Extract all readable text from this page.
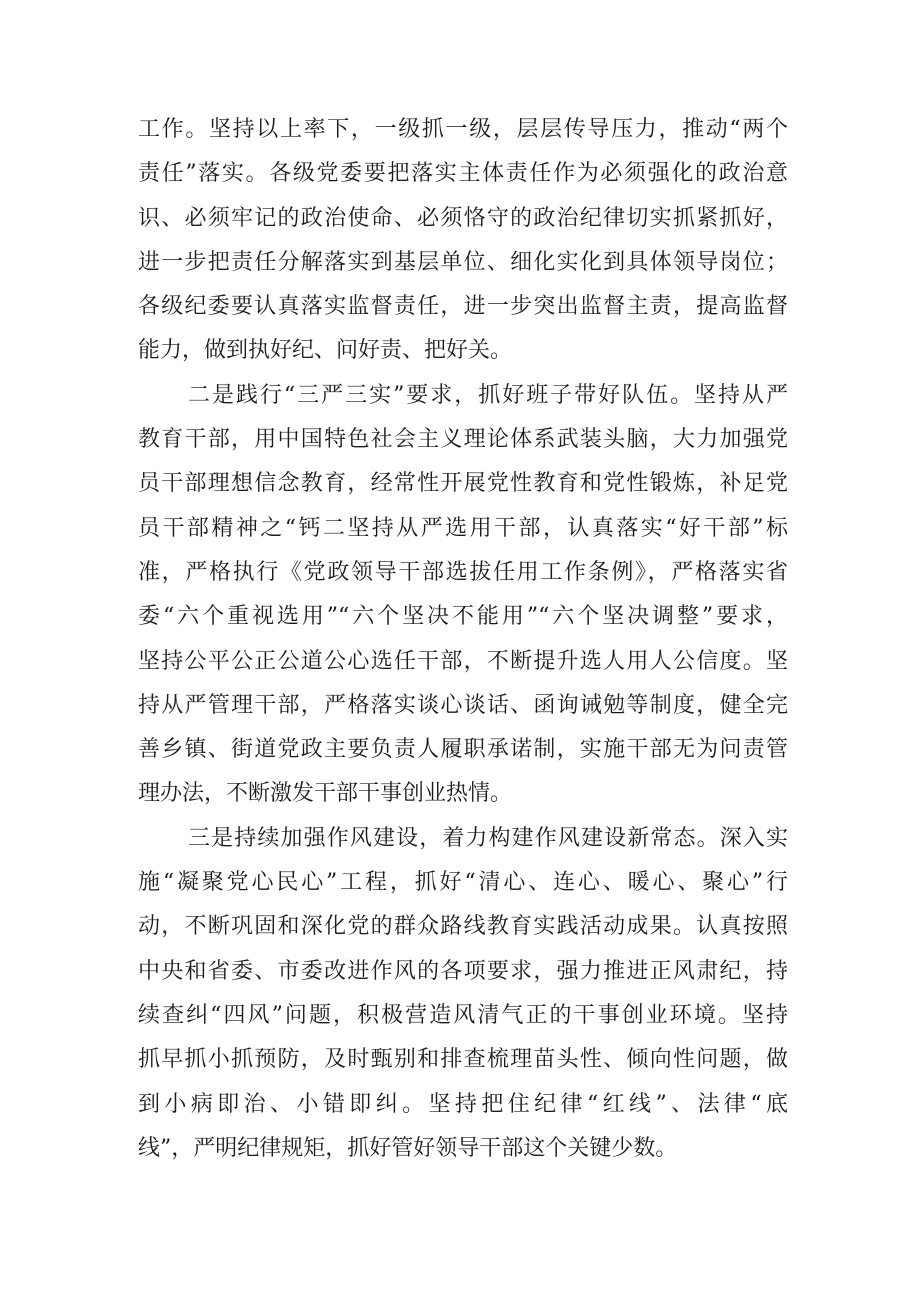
工作。坚持以上率下，一级抓一级，层层传导压力，推动“两个
责任”落实。各级党委要把落实主体责任作为必须强化的政治意
识、必须牢记的政治使命、必须恪守的政治纪律切实抓紧抓好，
进一步把责任分解落实到基层单位、细化实化到具体领导岗位；
各级纪委要认真落实监督责任，进一步突出监督主责，提高监督
能力，做到执好纪、问好责、把好关。
二是践行“三严三实”要求，抓好班子带好队伍。坚持从严
教育干部，用中国特色社会主义理论体系武装头脑，大力加强党
员干部理想信念教育，经常性开展党性教育和党性锻炼，补足党
员干部精神之“钙二坚持从严选用干部，认真落实“好干部”标
准，严格执行《党政领导干部选拔任用工作条例》，严格落实省
委“六个重视选用”“六个坚决不能用”“六个坚决调整”要求，
坚持公平公正公道公心选任干部，不断提升选人用人公信度。坚
持从严管理干部，严格落实谈心谈话、函询诫勉等制度，健全完
善乡镇、街道党政主要负责人履职承诺制，实施干部无为问责管
理办法，不断激发干部干事创业热情。
三是持续加强作风建设，着力构建作风建设新常态。深入实
施“凝聚党心民心”工程，抓好“清心、连心、暖心、聚心”行
动，不断巩固和深化党的群众路线教育实践活动成果。认真按照
中央和省委、市委改进作风的各项要求，强力推进正风肃纪，持
续查纠“四风”问题，积极营造风清气正的干事创业环境。坚持
抓早抓小抓预防，及时甄别和排查梳理苗头性、倾向性问题，做
到小病即治、小错即纠。坚持把住纪律“红线”、法律“底
线”，严明纪律规矩，抓好管好领导干部这个关键少数。
